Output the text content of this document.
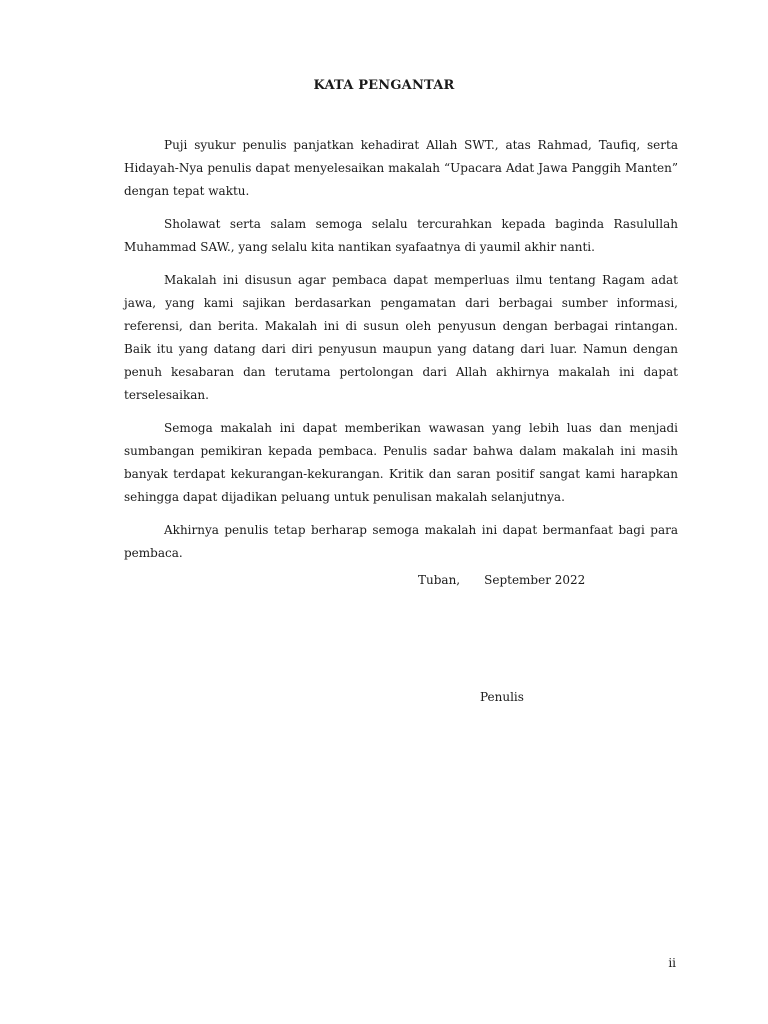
KATA PENGANTAR

Puji syukur penulis panjatkan kehadirat Allah SWT., atas Rahmad, Taufiq, serta Hidayah-Nya penulis dapat menyelesaikan makalah “Upacara Adat Jawa Panggih Manten” dengan tepat waktu.

Sholawat serta salam semoga selalu tercurahkan kepada baginda Rasulullah Muhammad SAW., yang selalu kita nantikan syafaatnya di yaumil akhir nanti.

Makalah ini disusun agar pembaca dapat memperluas ilmu tentang Ragam adat jawa, yang kami sajikan berdasarkan pengamatan dari berbagai sumber informasi, referensi, dan berita. Makalah ini di susun oleh penyusun dengan berbagai rintangan. Baik itu yang datang dari diri penyusun maupun yang datang dari luar. Namun dengan penuh kesabaran dan terutama pertolongan dari Allah akhirnya makalah ini dapat terselesaikan.

Semoga makalah ini dapat memberikan wawasan yang lebih luas dan menjadi sumbangan pemikiran kepada pembaca. Penulis sadar bahwa dalam makalah ini masih banyak terdapat kekurangan-kekurangan. Kritik dan saran positif sangat kami harapkan sehingga dapat dijadikan peluang untuk penulisan makalah selanjutnya.

Akhirnya penulis tetap berharap semoga makalah ini dapat bermanfaat bagi para pembaca.

Tuban, September 2022
Penulis
ii
